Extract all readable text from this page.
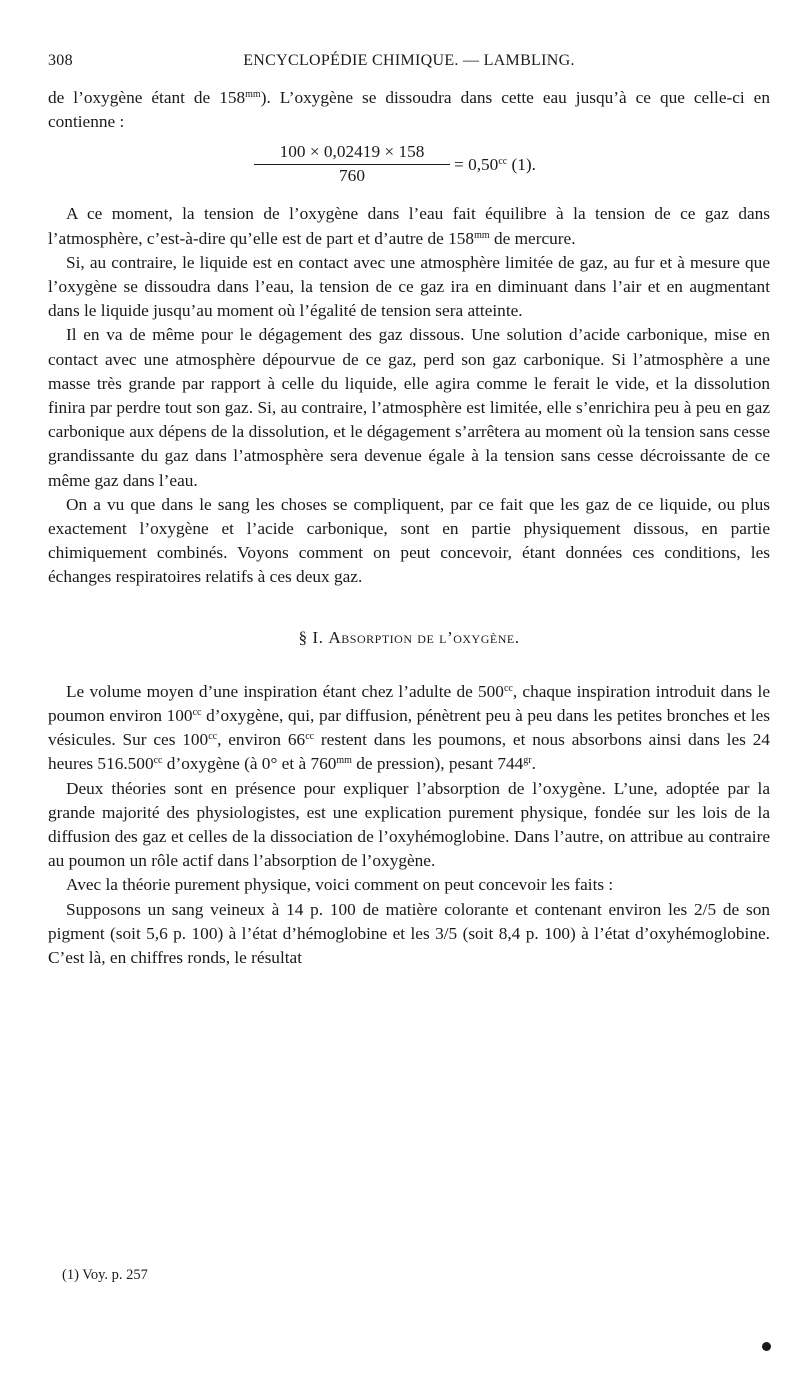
308	ENCYCLOPÉDIE CHIMIQUE. — LAMBLING.

de l’oxygène étant de $158^{mm}$). L’oxygène se dissoudra dans cette eau jusqu’à ce que celle-ci en contienne :

$\frac{100 \times 0,02419 \times 158}{760} = 0,50^{cc}$ (1).

A ce moment, la tension de l’oxygène dans l’eau fait équilibre à la tension de ce gaz dans l’atmosphère, c’est-à-dire qu’elle est de part et d’autre de $158^{mm}$ de mercure.

Si, au contraire, le liquide est en contact avec une atmosphère limitée de gaz, au fur et à mesure que l’oxygène se dissoudra dans l’eau, la tension de ce gaz ira en diminuant dans l’air et en augmentant dans le liquide jusqu’au moment où l’égalité de tension sera atteinte.

Il en va de même pour le dégagement des gaz dissous. Une solution d’acide carbonique, mise en contact avec une atmosphère dépourvue de ce gaz, perd son gaz carbonique. Si l’atmosphère a une masse très grande par rapport à celle du liquide, elle agira comme le ferait le vide, et la dissolution finira par perdre tout son gaz. Si, au contraire, l’atmosphère est limitée, elle s’enrichira peu à peu en gaz carbonique aux dépens de la dissolution, et le dégagement s’arrêtera au moment où la tension sans cesse grandissante du gaz dans l’atmosphère sera devenue égale à la tension sans cesse décroissante de ce même gaz dans l’eau.

On a vu que dans le sang les choses se compliquent, par ce fait que les gaz de ce liquide, ou plus exactement l’oxygène et l’acide carbonique, sont en partie physiquement dissous, en partie chimiquement combinés. Voyons comment on peut concevoir, étant données ces conditions, les échanges respiratoires relatifs à ces deux gaz.

§ I. Absorption de l’oxygène.

Le volume moyen d’une inspiration étant chez l’adulte de $500^{cc}$, chaque inspiration introduit dans le poumon environ $100^{cc}$ d’oxygène, qui, par diffusion, pénètrent peu à peu dans les petites bronches et les vésicules. Sur ces $100^{cc}$, environ $66^{cc}$ restent dans les poumons, et nous absorbons ainsi dans les 24 heures 516.500$^{cc}$ d’oxygène (à 0° et à $760^{mm}$ de pression), pesant $744^{gr}$.

Deux théories sont en présence pour expliquer l’absorption de l’oxygène. L’une, adoptée par la grande majorité des physiologistes, est une explication purement physique, fondée sur les lois de la diffusion des gaz et celles de la dissociation de l’oxyhémoglobine. Dans l’autre, on attribue au contraire au poumon un rôle actif dans l’absorption de l’oxygène.

Avec la théorie purement physique, voici comment on peut concevoir les faits :

Supposons un sang veineux à 14 p. 100 de matière colorante et contenant environ les 2/5 de son pigment (soit 5,6 p. 100) à l’état d’hémoglobine et les 3/5 (soit 8,4 p. 100) à l’état d’oxyhémoglobine. C’est là, en chiffres ronds, le résultat

(1) Voy. p. 257
